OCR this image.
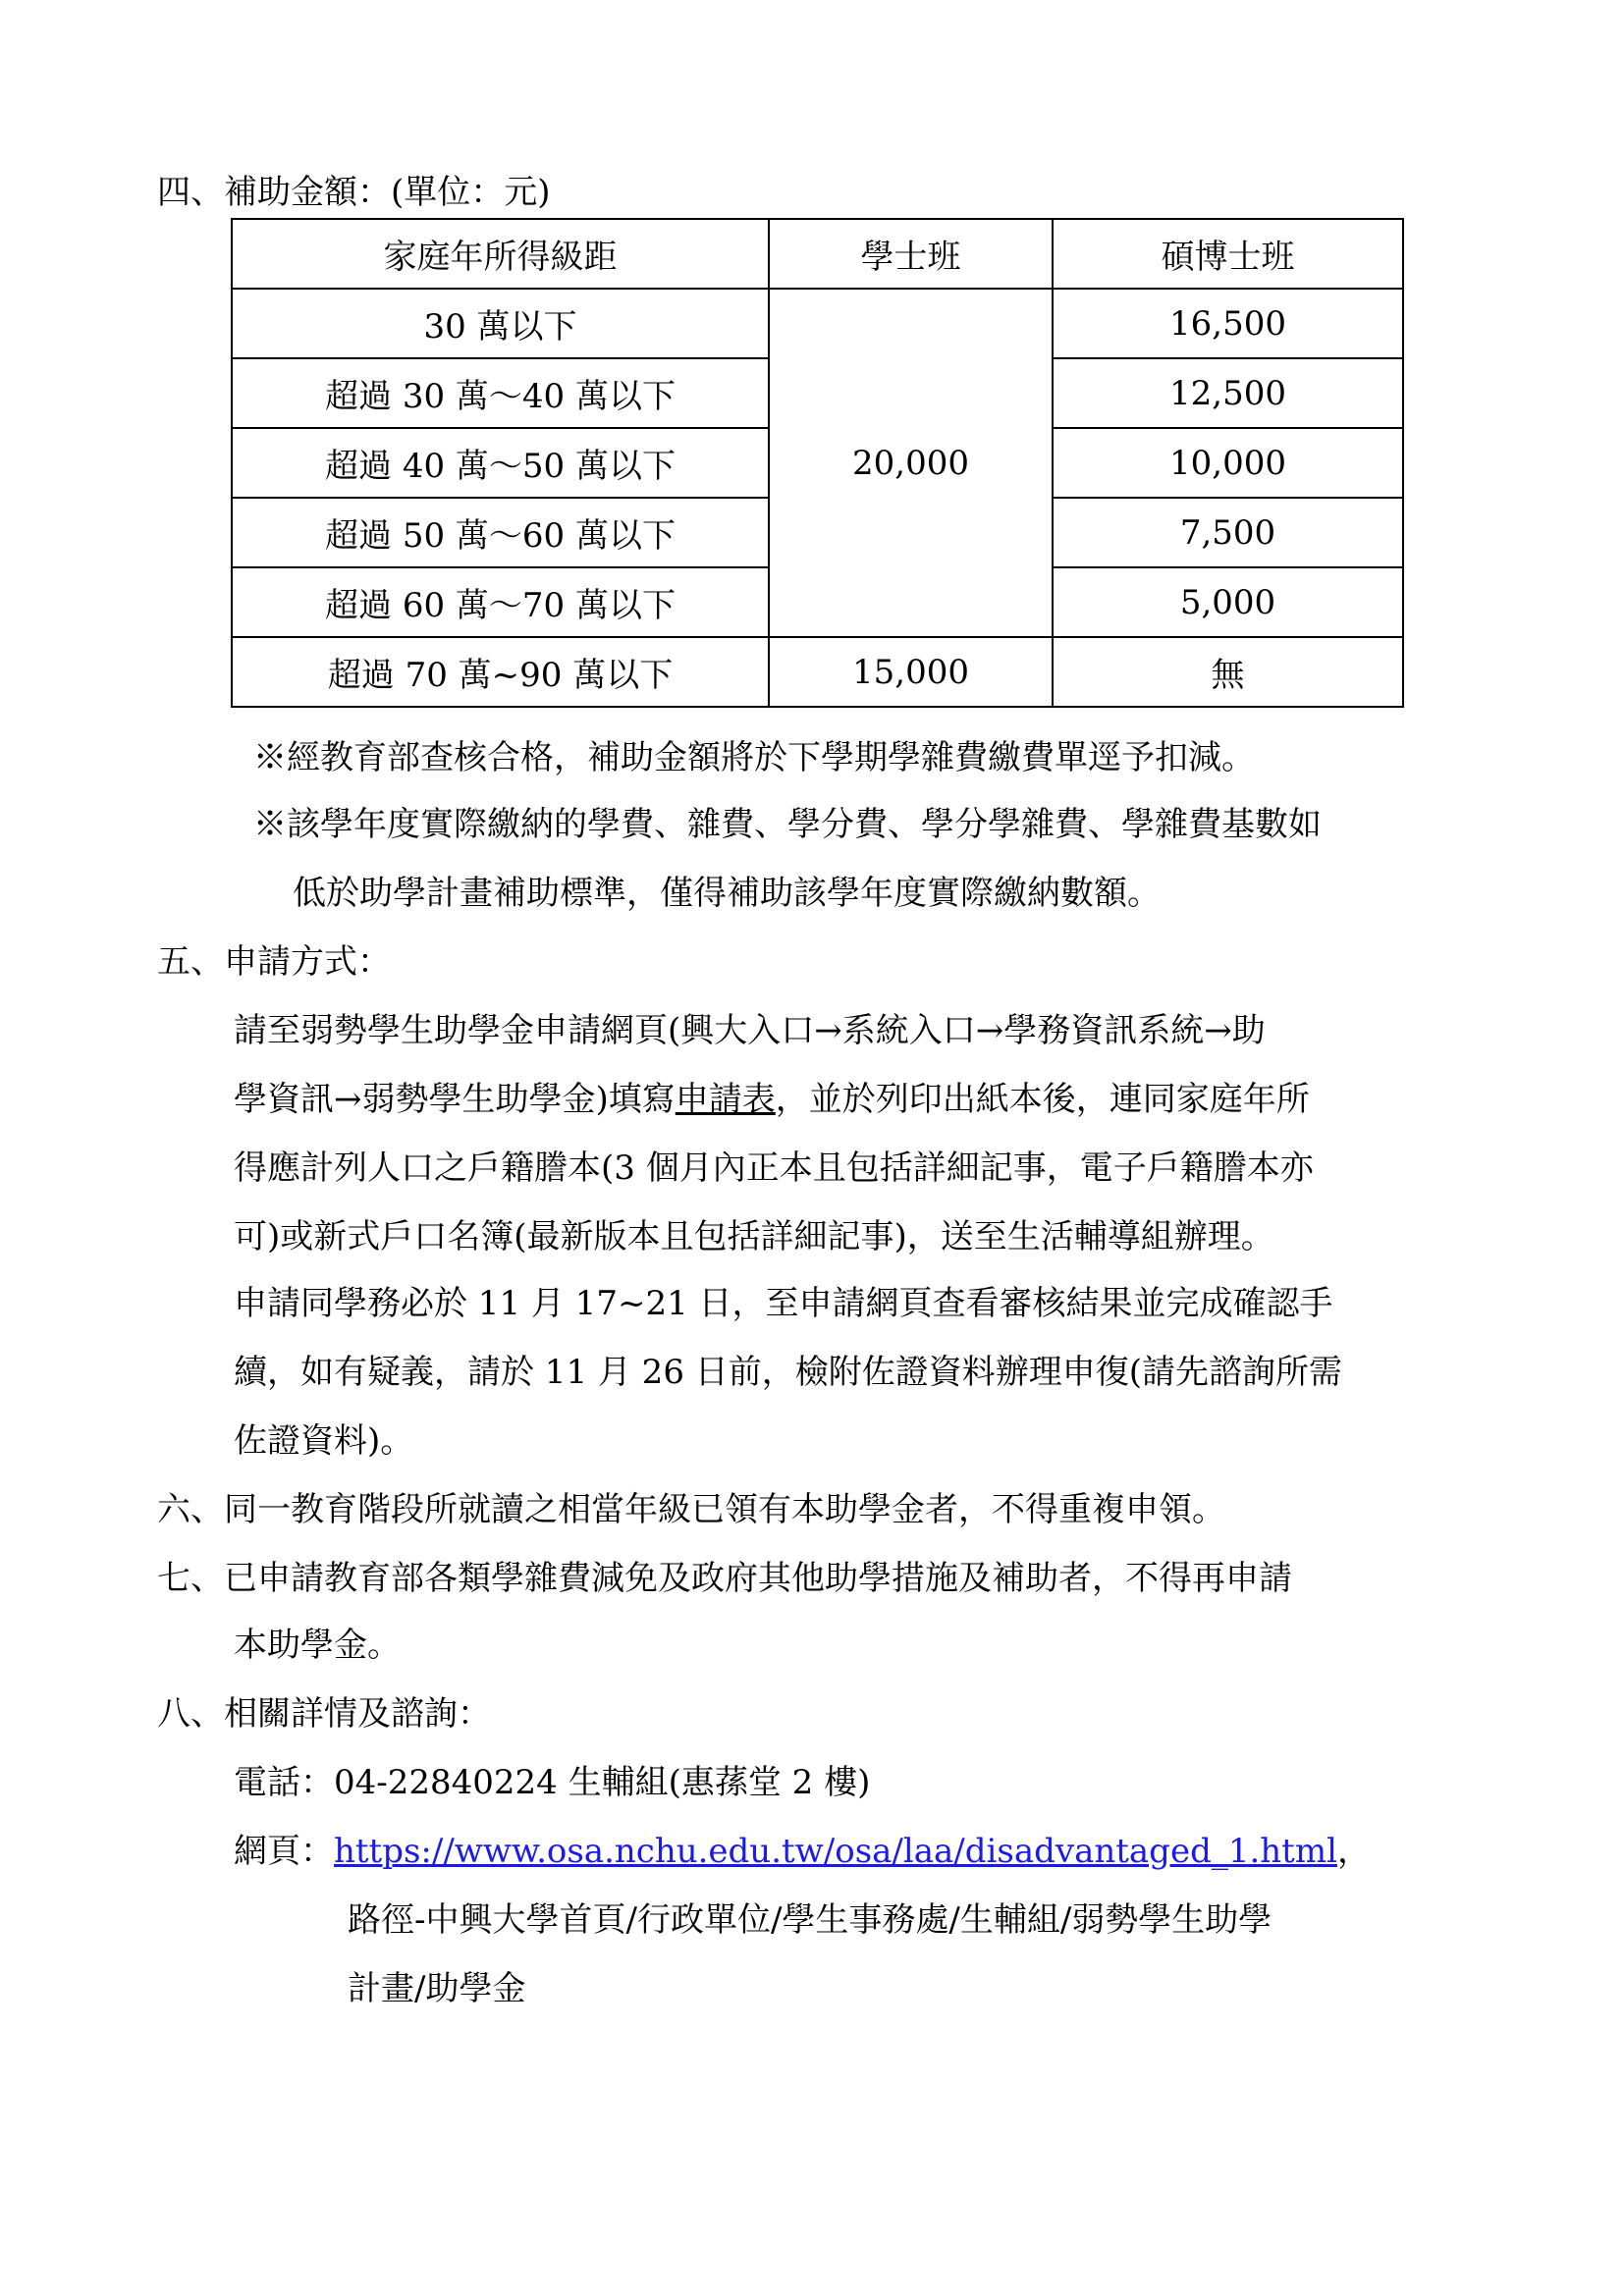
四、補助金額：(單位：元)
家庭年所得級距	學士班	碩博士班
30 萬以下	20,000	16,500
超過 30 萬～40 萬以下		12,500
超過 40 萬～50 萬以下		10,000
超過 50 萬～60 萬以下		7,500
超過 60 萬～70 萬以下		5,000
超過 70 萬~90 萬以下	15,000	無
※經教育部查核合格，補助金額將於下學期學雜費繳費單逕予扣減。
※該學年度實際繳納的學費、雜費、學分費、學分學雜費、學雜費基數如
低於助學計畫補助標準，僅得補助該學年度實際繳納數額。
五、申請方式：
請至弱勢學生助學金申請網頁(興大入口→系統入口→學務資訊系統→助
學資訊→弱勢學生助學金)填寫申請表，並於列印出紙本後，連同家庭年所
得應計列人口之戶籍謄本(3 個月內正本且包括詳細記事，電子戶籍謄本亦
可)或新式戶口名簿(最新版本且包括詳細記事)，送至生活輔導組辦理。
申請同學務必於 11 月 17~21 日，至申請網頁查看審核結果並完成確認手
續，如有疑義，請於 11 月 26 日前，檢附佐證資料辦理申復(請先諮詢所需
佐證資料)。
六、同一教育階段所就讀之相當年級已領有本助學金者，不得重複申領。
七、已申請教育部各類學雜費減免及政府其他助學措施及補助者，不得再申請
本助學金。
八、相關詳情及諮詢：
電話：04-22840224 生輔組(惠蓀堂 2 樓)
網頁：https://www.osa.nchu.edu.tw/osa/laa/disadvantaged_1.html，
路徑-中興大學首頁/行政單位/學生事務處/生輔組/弱勢學生助學
計畫/助學金
